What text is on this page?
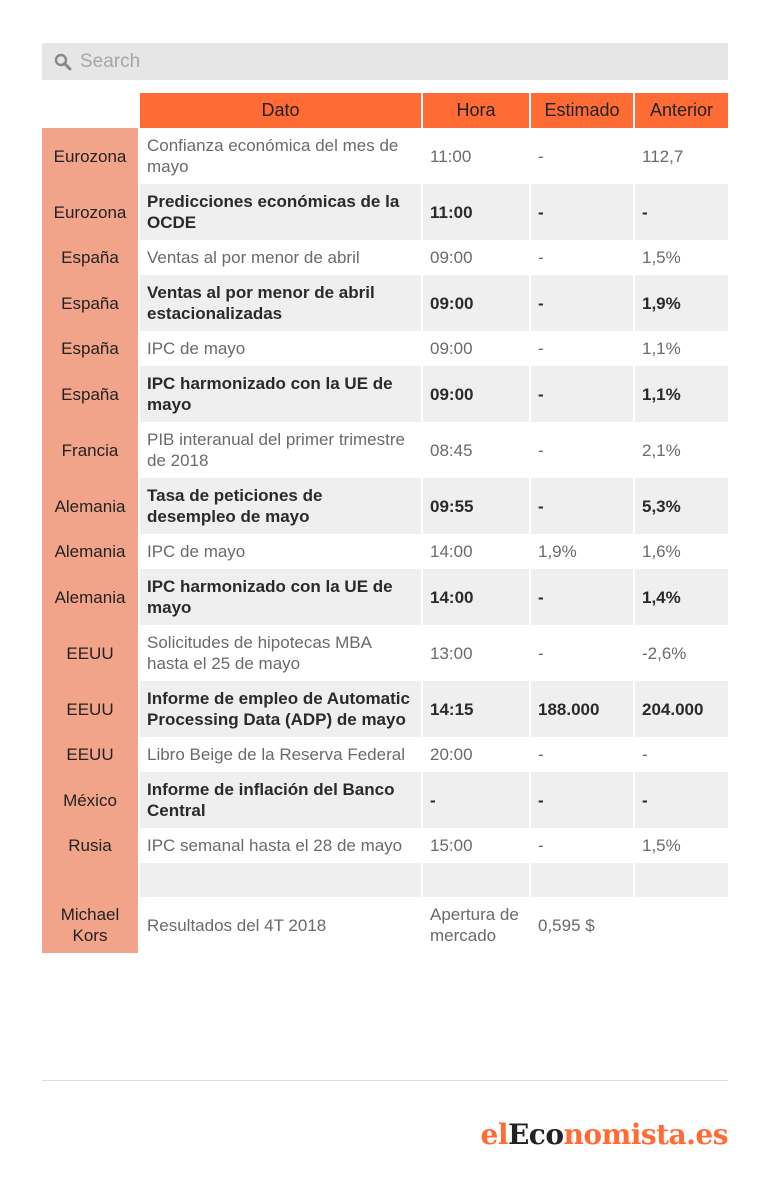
Search
	Dato	Hora	Estimado	Anterior
Eurozona	Confianza económica del mes de mayo	11:00	-	112,7
Eurozona	Predicciones económicas de la OCDE	11:00	-	-
España	Ventas al por menor de abril	09:00	-	1,5%
España	Ventas al por menor de abril estacionalizadas	09:00	-	1,9%
España	IPC de mayo	09:00	-	1,1%
España	IPC harmonizado con la UE de mayo	09:00	-	1,1%
Francia	PIB interanual del primer trimestre de 2018	08:45	-	2,1%
Alemania	Tasa de peticiones de desempleo de mayo	09:55	-	5,3%
Alemania	IPC de mayo	14:00	1,9%	1,6%
Alemania	IPC harmonizado con la UE de mayo	14:00	-	1,4%
EEUU	Solicitudes de hipotecas MBA hasta el 25 de mayo	13:00	-	-2,6%
EEUU	Informe de empleo de Automatic Processing Data (ADP) de mayo	14:15	188.000	204.000
EEUU	Libro Beige de la Reserva Federal	20:00	-	-
México	Informe de inflación del Banco Central	-	-	-
Rusia	IPC semanal hasta el 28 de mayo	15:00	-	1,5%

Michael Kors	Resultados del 4T 2018	Apertura de mercado	0,595 $	
elEconomista.es
